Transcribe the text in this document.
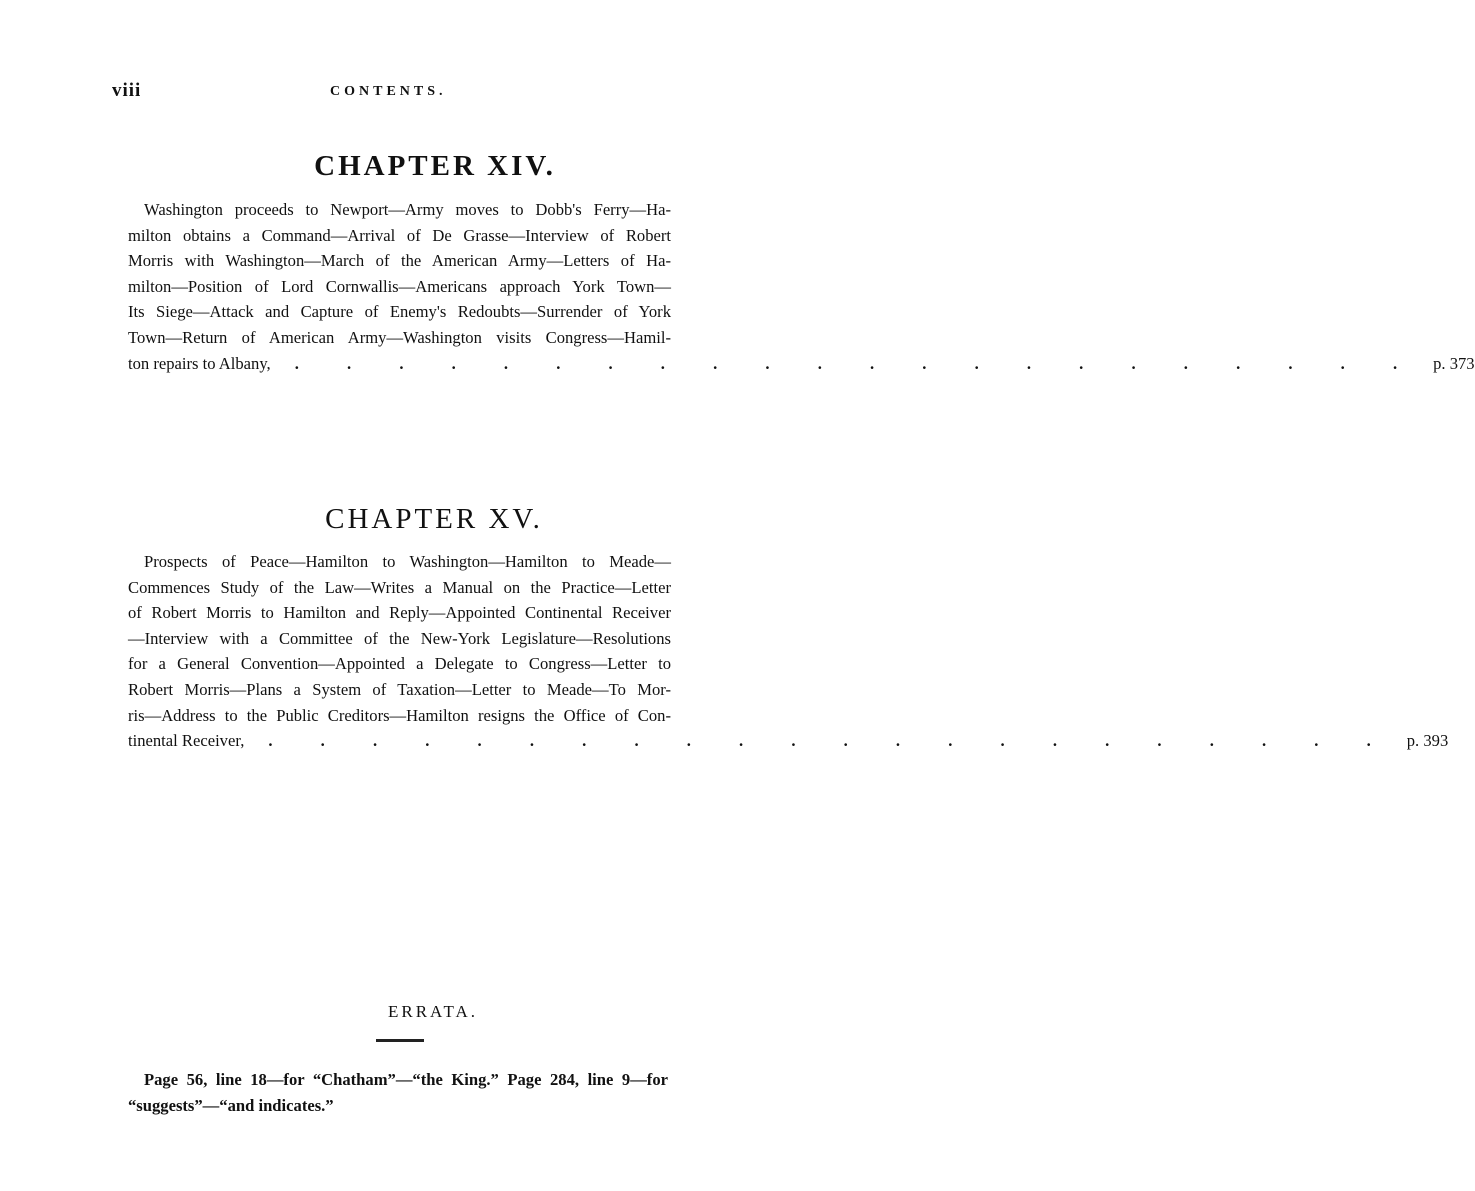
viii	CONTENTS.
CHAPTER XIV.
Washington proceeds to Newport—Army moves to Dobb's Ferry—Ha-
milton obtains a Command—Arrival of De Grasse—Interview of Robert
Morris with Washington—March of the American Army—Letters of Ha-
milton—Position of Lord Cornwallis—Americans approach York Town—
Its Siege—Attack and Capture of Enemy's Redoubts—Surrender of York
Town—Return of American Army—Washington visits Congress—Hamil-
ton repairs to Albany, . . . . . . . . . . . . . . . . . . . . . . p. 373
CHAPTER XV.
Prospects of Peace—Hamilton to Washington—Hamilton to Meade—
Commences Study of the Law—Writes a Manual on the Practice—Letter
of Robert Morris to Hamilton and Reply—Appointed Continental Receiver
—Interview with a Committee of the New-York Legislature—Resolutions
for a General Convention—Appointed a Delegate to Congress—Letter to
Robert Morris—Plans a System of Taxation—Letter to Meade—To Mor-
ris—Address to the Public Creditors—Hamilton resigns the Office of Con-
tinental Receiver, . . . . . . . . . . . . . . . . . . . . . . p. 393
ERRATA.
Page 56, line 18—for “Chatham”—“the King.” Page 284, line 9—for
“suggests”—“and indicates.”
